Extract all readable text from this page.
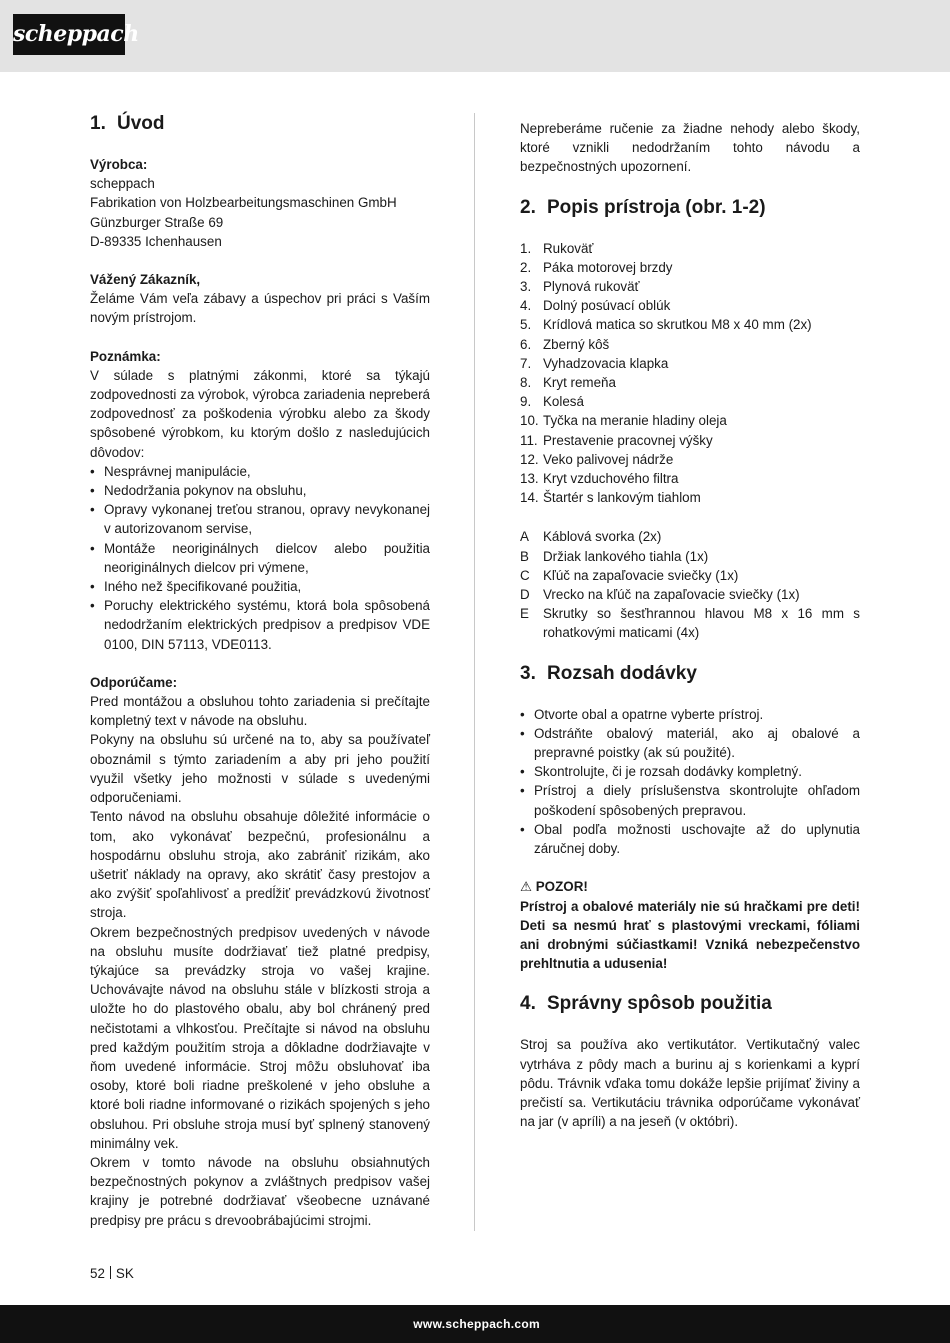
scheppach
1. Úvod
Výrobca:
scheppach
Fabrikation von Holzbearbeitungsmaschinen GmbH
Günzburger Straße 69
D-89335 Ichenhausen
Vážený Zákazník,
Želáme Vám veľa zábavy a úspechov pri práci s Vaším novým prístrojom.
Poznámka:
V súlade s platnými zákonmi, ktoré sa týkajú zodpovednosti za výrobok, výrobca zariadenia nepreberá zodpovednosť za poškodenia výrobku alebo za škody spôsobené výrobkom, ku ktorým došlo z nasledujúcich dôvodov:
• Nesprávnej manipulácie,
• Nedodržania pokynov na obsluhu,
• Opravy vykonanej treťou stranou, opravy nevykonanej v autorizovanom servise,
• Montáže neoriginálnych dielcov alebo použitia neoriginálnych dielcov pri výmene,
• Iného než špecifikované použitia,
• Poruchy elektrického systému, ktorá bola spôsobená nedodržaním elektrických predpisov a predpisov VDE 0100, DIN 57113, VDE0113.
Odporúčame:
Pred montážou a obsluhou tohto zariadenia si prečítajte kompletný text v návode na obsluhu.
Pokyny na obsluhu sú určené na to, aby sa používateľ oboznámil s týmto zariadením a aby pri jeho použití využil všetky jeho možnosti v súlade s uvedenými odporučeniami.
Tento návod na obsluhu obsahuje dôležité informácie o tom, ako vykonávať bezpečnú, profesionálnu a hospodárnu obsluhu stroja, ako zabrániť rizikám, ako ušetriť náklady na opravy, ako skrátiť časy prestojov a ako zvýšiť spoľahlivosť a predĺžiť prevádzkovú životnosť stroja.
Okrem bezpečnostných predpisov uvedených v návode na obsluhu musíte dodržiavať tiež platné predpisy, týkajúce sa prevádzky stroja vo vašej krajine. Uchovávajte návod na obsluhu stále v blízkosti stroja a uložte ho do plastového obalu, aby bol chránený pred nečistotami a vlhkosťou. Prečítajte si návod na obsluhu pred každým použitím stroja a dôkladne dodržiavajte v ňom uvedené informácie. Stroj môžu obsluhovať iba osoby, ktoré boli riadne preškolené v jeho obsluhe a ktoré boli riadne informované o rizikách spojených s jeho obsluhou. Pri obsluhe stroja musí byť splnený stanovený minimálny vek.
Okrem v tomto návode na obsluhu obsiahnutých bezpečnostných pokynov a zvláštnych predpisov vašej krajiny je potrebné dodržiavať všeobecne uznávané predpisy pre prácu s drevoobrábajúcimi strojmi.
Nepreberáme ručenie za žiadne nehody alebo škody, ktoré vznikli nedodržaním tohto návodu a bezpečnostných upozornení.
2. Popis prístroja (obr. 1-2)
1. Rukoväť
2. Páka motorovej brzdy
3. Plynová rukoväť
4. Dolný posúvací oblúk
5. Krídlová matica so skrutkou M8 x 40 mm (2x)
6. Zberný kôš
7. Vyhadzovacia klapka
8. Kryt remeňa
9. Kolesá
10. Tyčka na meranie hladiny oleja
11. Prestavenie pracovnej výšky
12. Veko palivovej nádrže
13. Kryt vzduchového filtra
14. Štartér s lankovým tiahlom
A Káblová svorka (2x)
B Držiak lankového tiahla (1x)
C Kľúč na zapaľovacie sviečky (1x)
D Vrecko na kľúč na zapaľovacie sviečky (1x)
E Skrutky so šesťhrannou hlavou M8 x 16 mm s rohatkovými maticami (4x)
3. Rozsah dodávky
• Otvorte obal a opatrne vyberte prístroj.
• Odstráňte obalový materiál, ako aj obalové a prepravné poistky (ak sú použité).
• Skontrolujte, či je rozsah dodávky kompletný.
• Prístroj a diely príslušenstva skontrolujte ohľadom poškodení spôsobených prepravou.
• Obal podľa možnosti uschovajte až do uplynutia záručnej doby.
⚠ POZOR!
Prístroj a obalové materiály nie sú hračkami pre deti! Deti sa nesmú hrať s plastovými vreckami, fóliami ani drobnými súčiastkami! Vzniká nebezpečenstvo prehltnutia a udusenia!
4. Správny spôsob použitia
Stroj sa používa ako vertikutátor. Vertikutačný valec vytrháva z pôdy mach a burinu aj s korienkami a kyprí pôdu. Trávnik vďaka tomu dokáže lepšie prijímať živiny a prečistí sa. Vertikutáciu trávnika odporúčame vykonávať na jar (v apríli) a na jeseň (v októbri).
52 SK
www.scheppach.com
